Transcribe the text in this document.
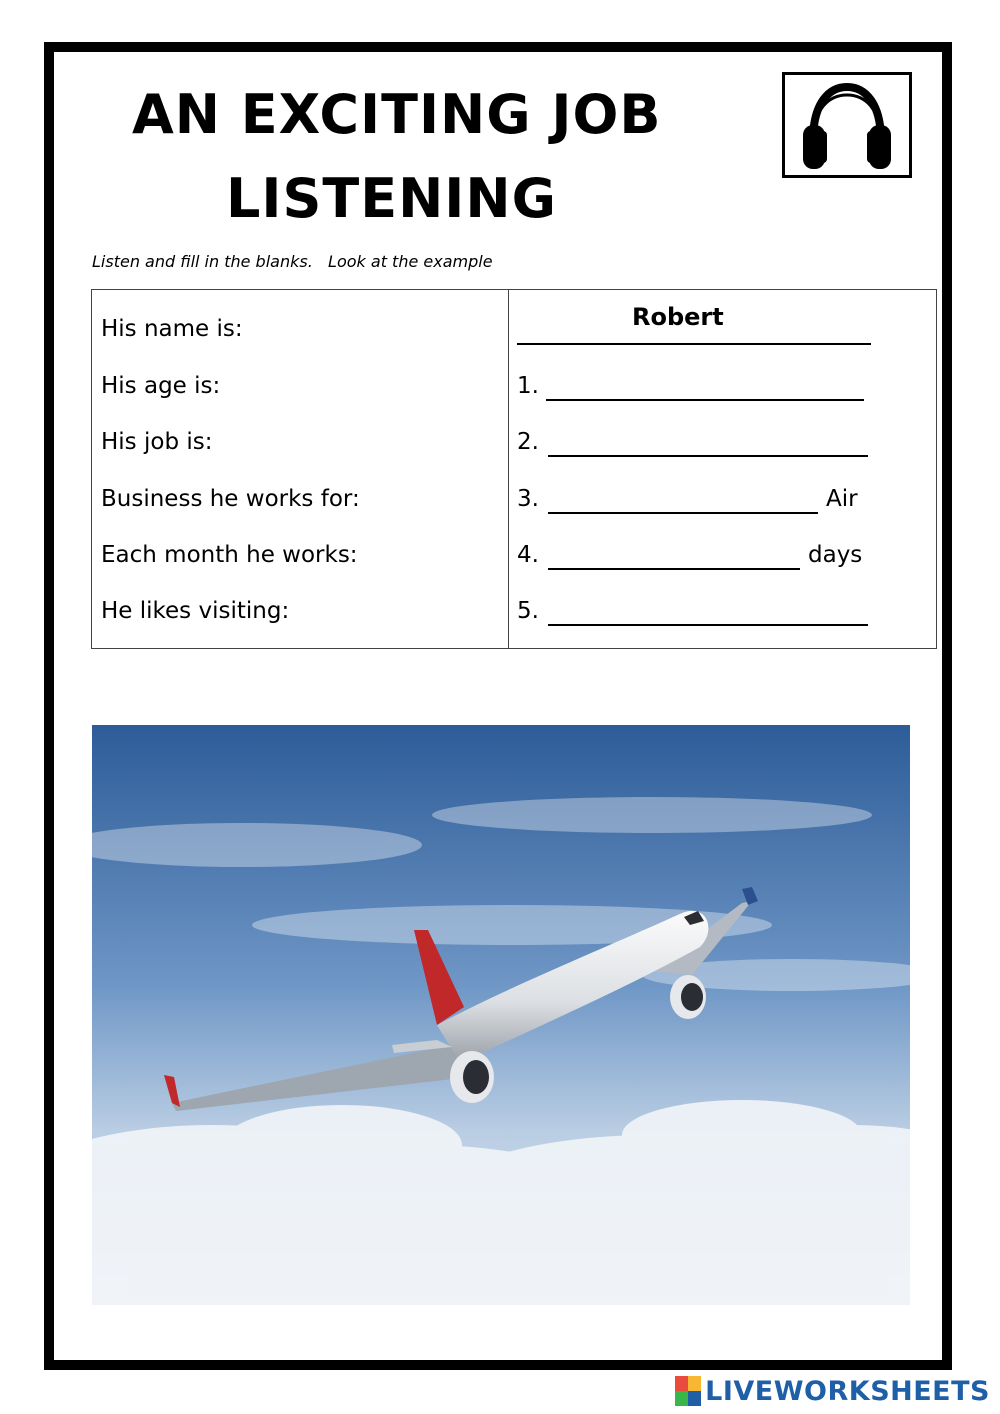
AN EXCITING JOB
LISTENING
Listen and fill in the blanks.   Look at the example
His name is:
His age is:
His job is:
Business he works for:
Each month he works:
He likes visiting:
Robert
1.
2.
3.	Air
4.	days
5.
LIVEWORKSHEETS
